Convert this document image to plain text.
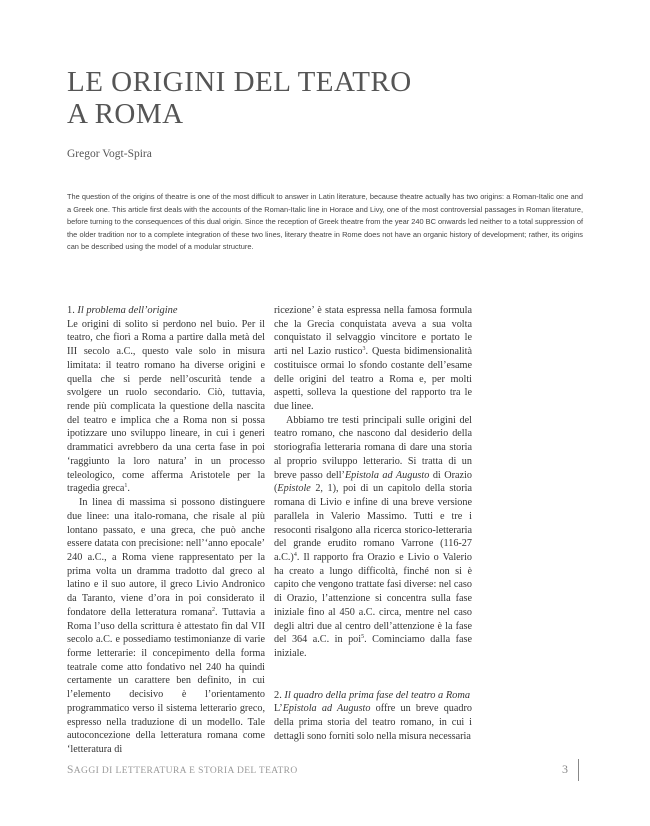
LE ORIGINI DEL TEATRO
A ROMA
Gregor Vogt-Spira
The question of the origins of theatre is one of the most difficult to answer in Latin literature, because theatre actually has two origins: a Roman-Italic one and a Greek one. This article first deals with the accounts of the Roman-Italic line in Horace and Livy, one of the most controversial passages in Roman literature, before turning to the consequences of this dual origin. Since the reception of Greek theatre from the year 240 BC onwards led neither to a total suppression of the older tradition nor to a complete integration of these two lines, literary theatre in Rome does not have an organic history of development; rather, its origins can be described using the model of a modular structure.

1. Il problema dell’origine

Le origini di solito si perdono nel buio. Per il teatro, che fiorì a Roma a partire dalla metà del III secolo a.C., questo vale solo in misura limitata: il teatro romano ha diverse origini e quella che si perde nell’oscurità tende a svolgere un ruolo secondario. Ciò, tuttavia, rende più complicata la questione della nascita del teatro e implica che a Roma non si possa ipotizzare uno sviluppo lineare, in cui i generi drammatici avrebbero da una certa fase in poi ‘raggiunto la loro natura’ in un processo teleologico, come afferma Aristotele per la tragedia greca$^1$.

In linea di massima si possono distinguere due linee: una italo-romana, che risale al più lontano passato, e una greca, che può anche essere datata con precisione: nell’‘anno epocale’ 240 a.C., a Roma viene rappresentato per la prima volta un dramma tradotto dal greco al latino e il suo autore, il greco Livio Andronico da Taranto, viene d’ora in poi considerato il fondatore della letteratura romana$^2$. Tuttavia a Roma l’uso della scrittura è attestato fin dal VII secolo a.C. e possediamo testimonianze di varie forme letterarie: il concepimento della forma teatrale come atto fondativo nel 240 ha quindi certamente un carattere ben definito, in cui l’elemento decisivo è l’orientamento programmatico verso il sistema letterario greco, espresso nella traduzione di un modello. Tale autoconcezione della letteratura romana come ‘letteratura di

ricezione’ è stata espressa nella famosa formula che la Grecia conquistata aveva a sua volta conquistato il selvaggio vincitore e portato le arti nel Lazio rustico$^3$. Questa bidimensionalità costituisce ormai lo sfondo costante dell’esame delle origini del teatro a Roma e, per molti aspetti, solleva la questione del rapporto tra le due linee.

Abbiamo tre testi principali sulle origini del teatro romano, che nascono dal desiderio della storiografia letteraria romana di dare una storia al proprio sviluppo letterario. Si tratta di un breve passo dell’Epistola ad Augusto di Orazio (Epistole 2, 1), poi di un capitolo della storia romana di Livio e infine di una breve versione parallela in Valerio Massimo. Tutti e tre i resoconti risalgono alla ricerca storico-letteraria del grande erudito romano Varrone (116-27 a.C.)$^4$. Il rapporto fra Orazio e Livio o Valerio ha creato a lungo difficoltà, finché non si è capito che vengono trattate fasi diverse: nel caso di Orazio, l’attenzione si concentra sulla fase iniziale fino al 450 a.C. circa, mentre nel caso degli altri due al centro dell’attenzione è la fase del 364 a.C. in poi$^5$. Cominciamo dalla fase iniziale.

2. Il quadro della prima fase del teatro a Roma

L’Epistola ad Augusto offre un breve quadro della prima storia del teatro romano, in cui i dettagli sono forniti solo nella misura necessaria

SAGGI DI LETTERATURA E STORIA DEL TEATRO	3
